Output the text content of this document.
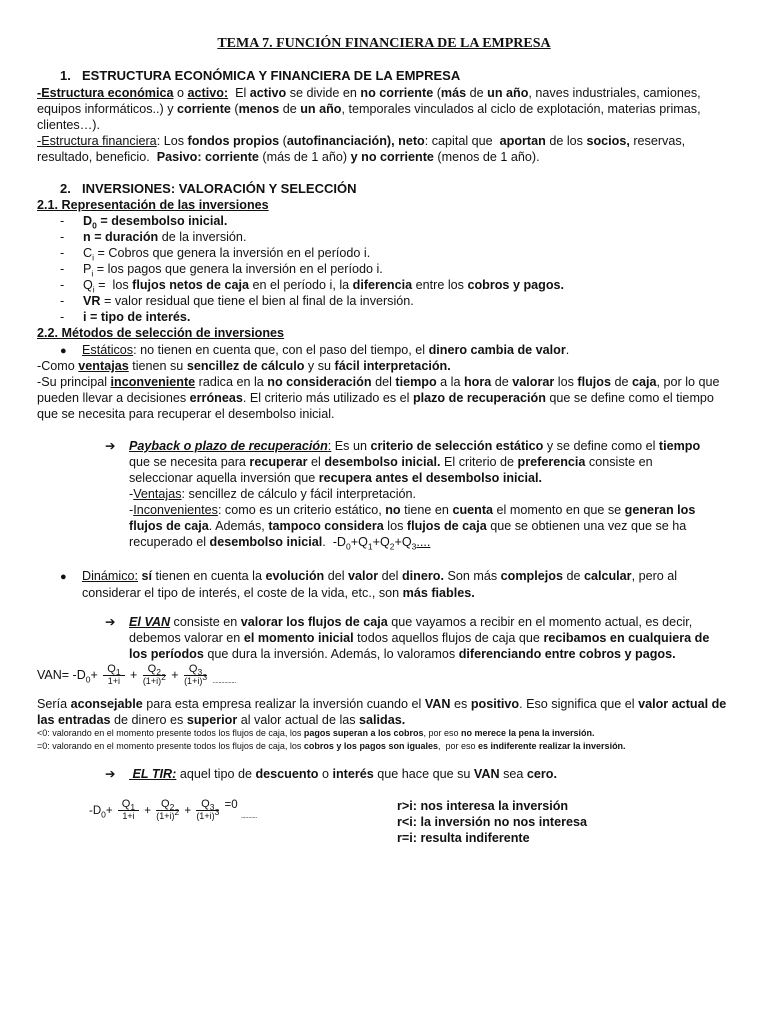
TEMA 7. FUNCIÓN FINANCIERA DE LA EMPRESA
1. ESTRUCTURA ECONÓMICA Y FINANCIERA DE LA EMPRESA
-Estructura económica o activo:  El activo se divide en no corriente (más de un año, naves industriales, camiones, equipos informáticos..) y corriente (menos de un año, temporales vinculados al ciclo de explotación, materias primas, clientes…).
-Estructura financiera: Los fondos propios (autofinanciación), neto: capital que  aportan de los socios, reservas, resultado, beneficio.  Pasivo: corriente (más de 1 año) y no corriente (menos de 1 año).
2. INVERSIONES: VALORACIÓN Y SELECCIÓN
2.1. Representación de las inversiones
- $D_0$ = desembolso inicial.
- n = duración de la inversión.
- $C_i$ = Cobros que genera la inversión en el período i.
- $P_i$ = los pagos que genera la inversión en el período i.
- $Q_i$ =  los flujos netos de caja en el período i, la diferencia entre los cobros y pagos.
- VR = valor residual que tiene el bien al final de la inversión.
- i = tipo de interés.
2.2. Métodos de selección de inversiones
● Estáticos: no tienen en cuenta que, con el paso del tiempo, el dinero cambia de valor.
-Como ventajas tienen su sencillez de cálculo y su fácil interpretación.
-Su principal inconveniente radica en la no consideración del tiempo a la hora de valorar los flujos de caja, por lo que pueden llevar a decisiones erróneas. El criterio más utilizado es el plazo de recuperación que se define como el tiempo que se necesita para recuperar el desembolso inicial.
➔ Payback o plazo de recuperación: Es un criterio de selección estático y se define como el tiempo
que se necesita para recuperar el desembolso inicial. El criterio de preferencia consiste en
seleccionar aquella inversión que recupera antes el desembolso inicial.
-Ventajas: sencillez de cálculo y fácil interpretación.
-Inconvenientes: como es un criterio estático, no tiene en cuenta el momento en que se generan los
flujos de caja. Además, tampoco considera los flujos de caja que se obtienen una vez que se ha
recuperado el desembolso inicial.  $-D_0+Q_1+Q_2+Q_3$....
● Dinámico: sí tienen en cuenta la evolución del valor del dinero. Son más complejos de calcular, pero al
considerar el tipo de interés, el coste de la vida, etc., son más fiables.
➔ El VAN consiste en valorar los flujos de caja que vayamos a recibir en el momento actual, es decir,
debemos valorar en el momento inicial todos aquellos flujos de caja que recibamos en cualquiera de
los períodos que dura la inversión. Además, lo valoramos diferenciando entre cobros y pagos.
$VAN= -D_0+ \frac{Q_1}{1+i} + \frac{Q_2}{(1+i)^2} + \frac{Q_3}{(1+i)^3} _{................}$
Sería aconsejable para esta empresa realizar la inversión cuando el VAN es positivo. Eso significa que el valor actual de las entradas de dinero es superior al valor actual de las salidas.
<0: valorando en el momento presente todos los flujos de caja, los pagos superan a los cobros, por eso no merece la pena la inversión.
=0: valorando en el momento presente todos los flujos de caja, los cobros y los pagos son iguales,  por eso es indiferente realizar la inversión.
➔ EL TIR: aquel tipo de descuento o interés que hace que su VAN sea cero.
$-D_0+ \frac{Q_1}{1+i} + \frac{Q_2}{(1+i)^2} + \frac{Q_3}{(1+i)^3} =0$ $_{...........}$
r>i: nos interesa la inversión
r<i: la inversión no nos interesa
r=i: resulta indiferente
